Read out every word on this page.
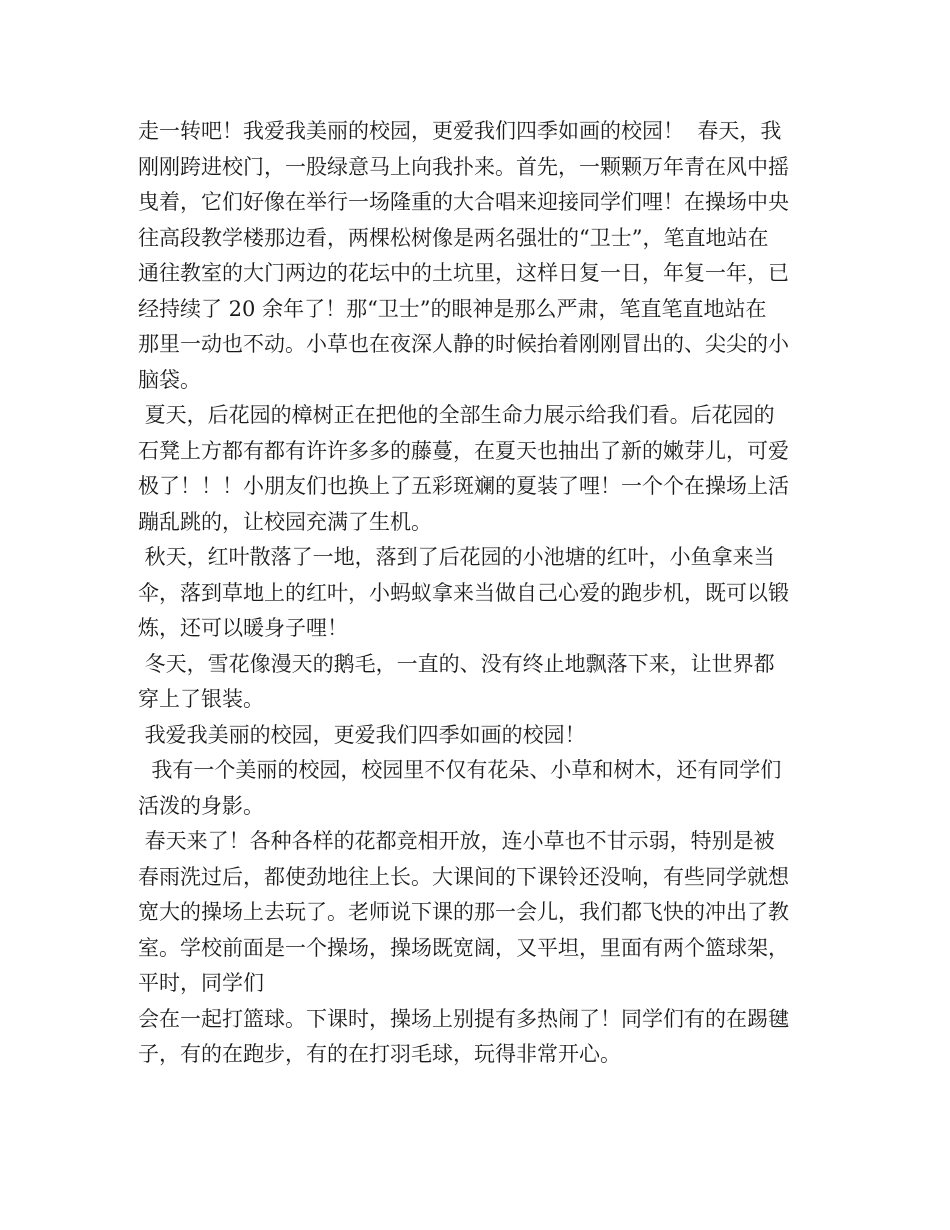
走一转吧！我爱我美丽的校园，更爱我们四季如画的校园！  春天，我
刚刚跨进校门，一股绿意马上向我扑来。首先，一颗颗万年青在风中摇
曳着，它们好像在举行一场隆重的大合唱来迎接同学们哩！在操场中央
往高段教学楼那边看，两棵松树像是两名强壮的“卫士”，笔直地站在
通往教室的大门两边的花坛中的土坑里，这样日复一日，年复一年，已
经持续了 20 余年了！那“卫士”的眼神是那么严肃，笔直笔直地站在
那里一动也不动。小草也在夜深人静的时候抬着刚刚冒出的、尖尖的小
脑袋。
夏天，后花园的樟树正在把他的全部生命力展示给我们看。后花园的
石凳上方都有都有许许多多的藤蔓，在夏天也抽出了新的嫩芽儿，可爱
极了！！！小朋友们也换上了五彩斑斓的夏装了哩！一个个在操场上活
蹦乱跳的，让校园充满了生机。
秋天，红叶散落了一地，落到了后花园的小池塘的红叶，小鱼拿来当
伞，落到草地上的红叶，小蚂蚁拿来当做自己心爱的跑步机，既可以锻
炼，还可以暖身子哩！
冬天，雪花像漫天的鹅毛，一直的、没有终止地飘落下来，让世界都
穿上了银装。
我爱我美丽的校园，更爱我们四季如画的校园！
我有一个美丽的校园，校园里不仅有花朵、小草和树木，还有同学们
活泼的身影。
春天来了！各种各样的花都竞相开放，连小草也不甘示弱，特别是被
春雨洗过后，都使劲地往上长。大课间的下课铃还没响，有些同学就想
宽大的操场上去玩了。老师说下课的那一会儿，我们都飞快的冲出了教
室。学校前面是一个操场，操场既宽阔，又平坦，里面有两个篮球架，
平时，同学们
会在一起打篮球。下课时，操场上别提有多热闹了！同学们有的在踢毽
子，有的在跑步，有的在打羽毛球，玩得非常开心。
